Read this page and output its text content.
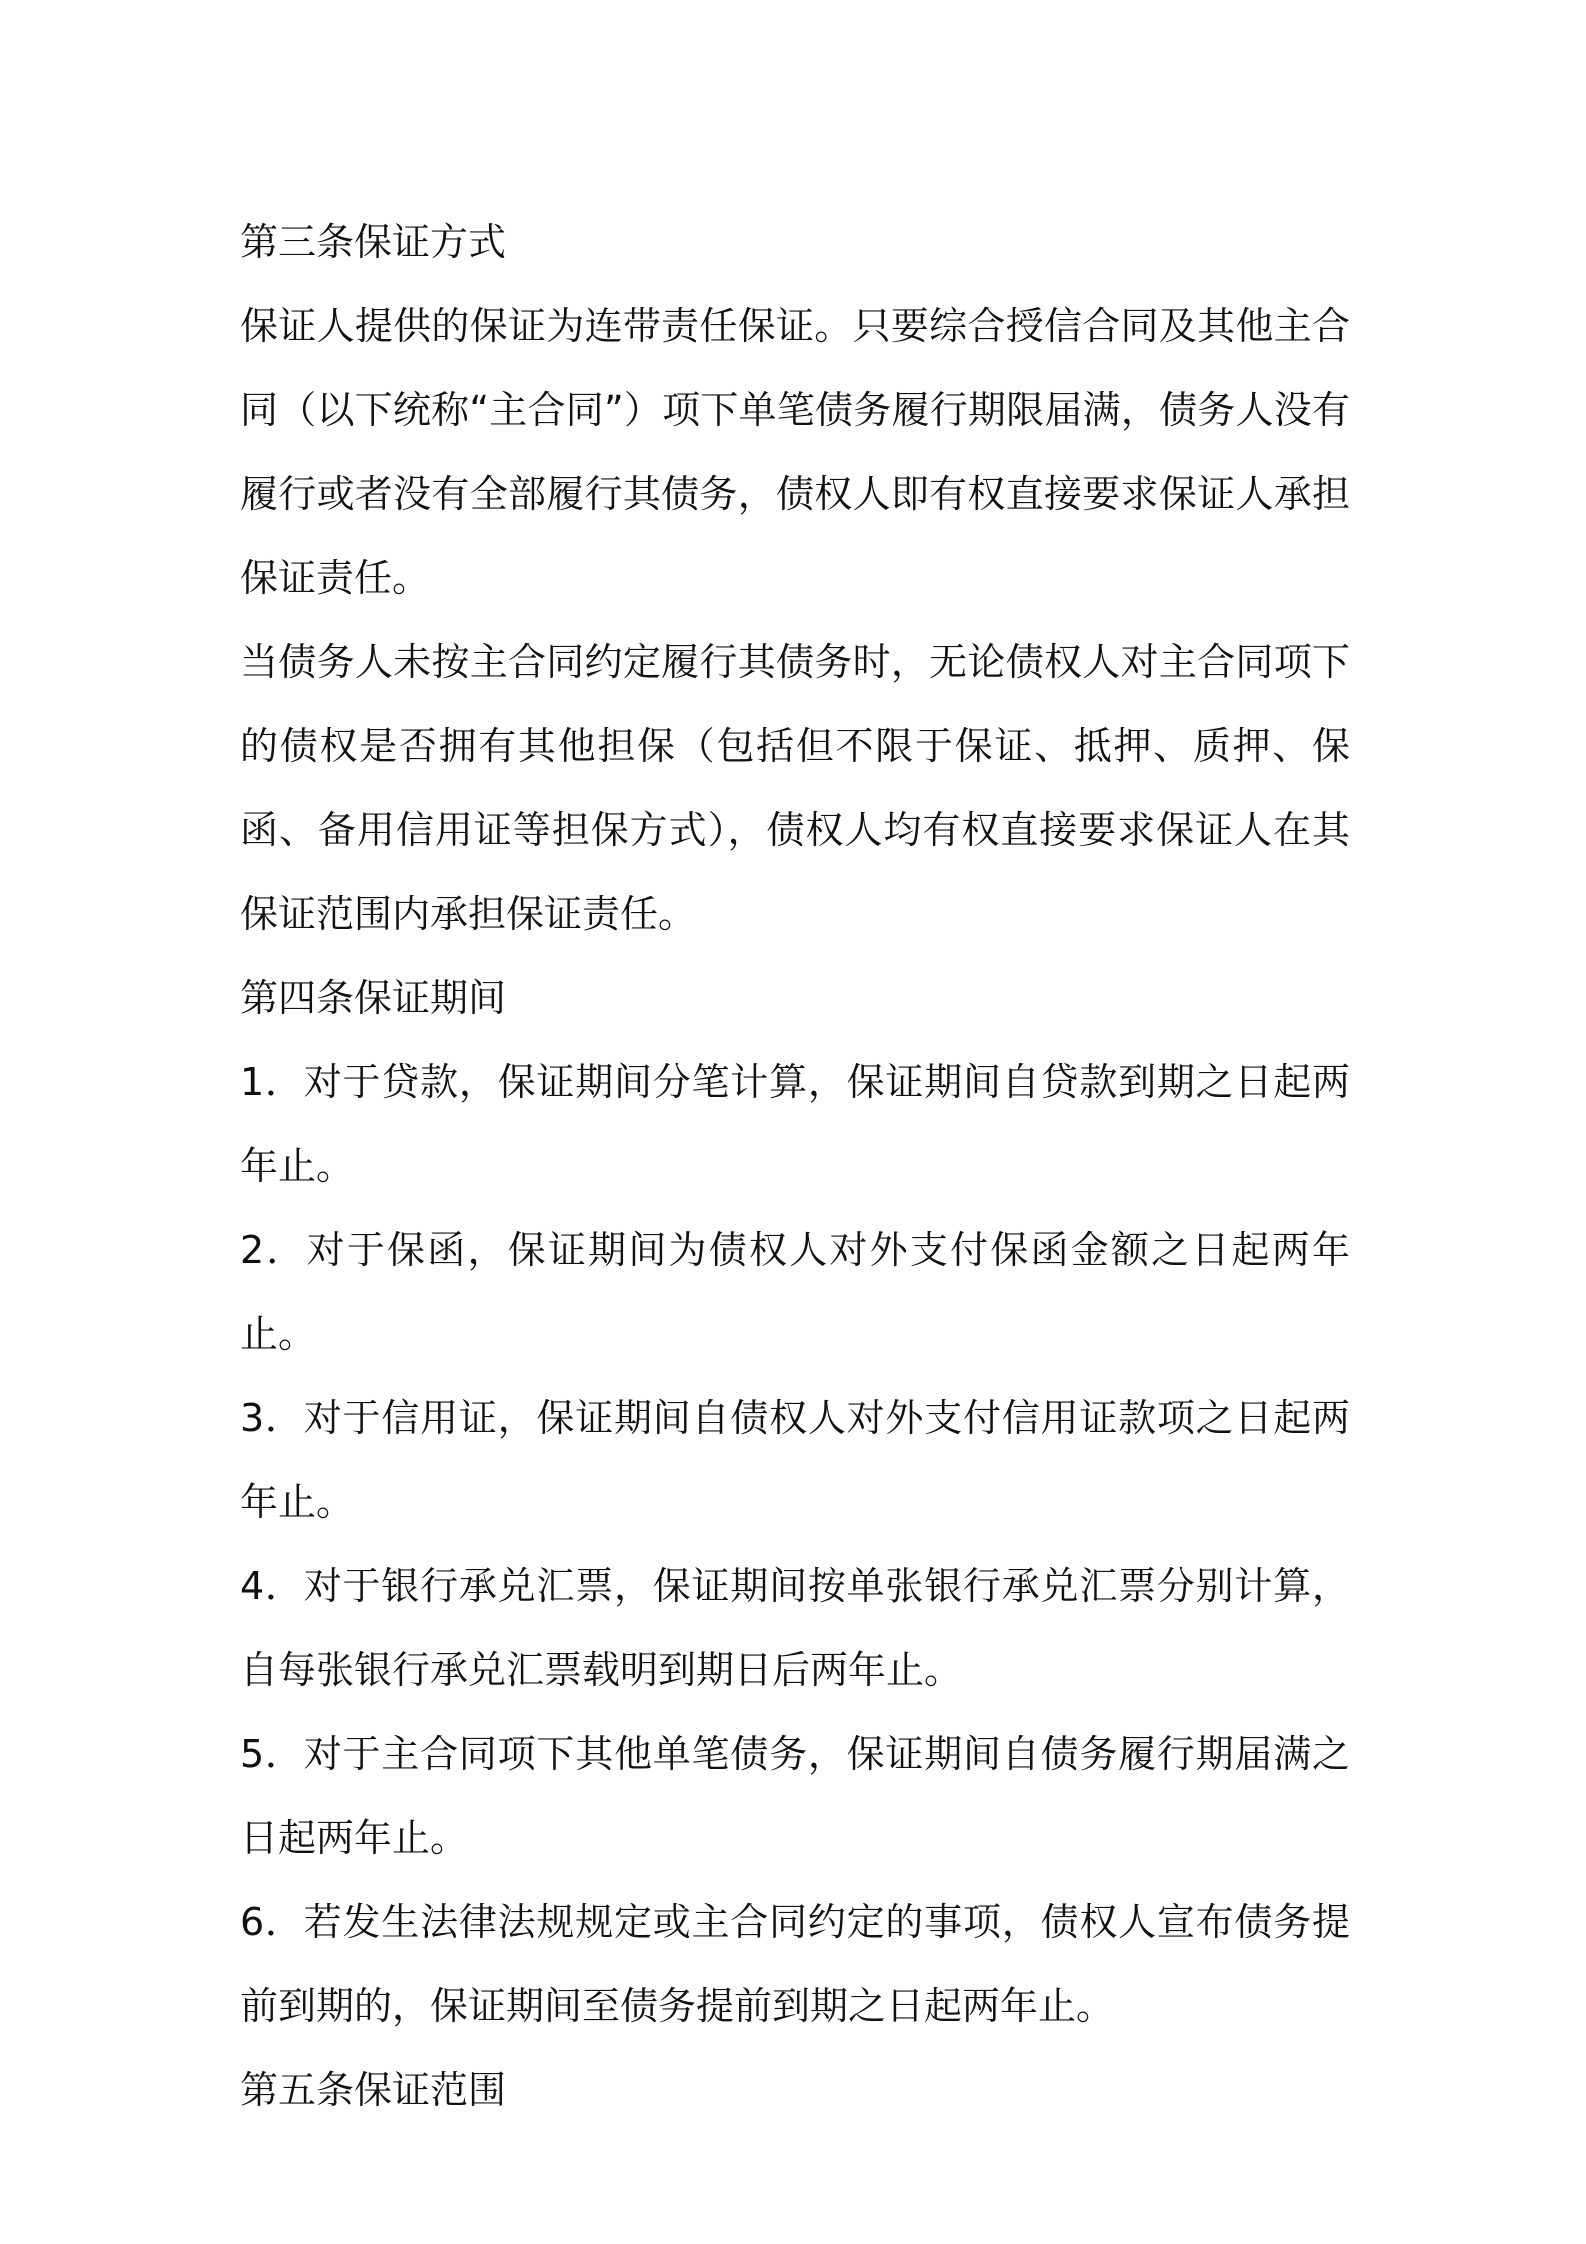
第三条保证方式

保证人提供的保证为连带责任保证。只要综合授信合同及其他主合同（以下统称“主合同”）项下单笔债务履行期限届满，债务人没有履行或者没有全部履行其债务，债权人即有权直接要求保证人承担保证责任。

当债务人未按主合同约定履行其债务时，无论债权人对主合同项下的债权是否拥有其他担保（包括但不限于保证、抵押、质押、保函、备用信用证等担保方式），债权人均有权直接要求保证人在其保证范围内承担保证责任。

第四条保证期间

1．对于贷款，保证期间分笔计算，保证期间自贷款到期之日起两年止。

2．对于保函，保证期间为债权人对外支付保函金额之日起两年止。

3．对于信用证，保证期间自债权人对外支付信用证款项之日起两年止。

4．对于银行承兑汇票，保证期间按单张银行承兑汇票分别计算，自每张银行承兑汇票载明到期日后两年止。

5．对于主合同项下其他单笔债务，保证期间自债务履行期届满之日起两年止。

6．若发生法律法规规定或主合同约定的事项，债权人宣布债务提前到期的，保证期间至债务提前到期之日起两年止。

第五条保证范围
